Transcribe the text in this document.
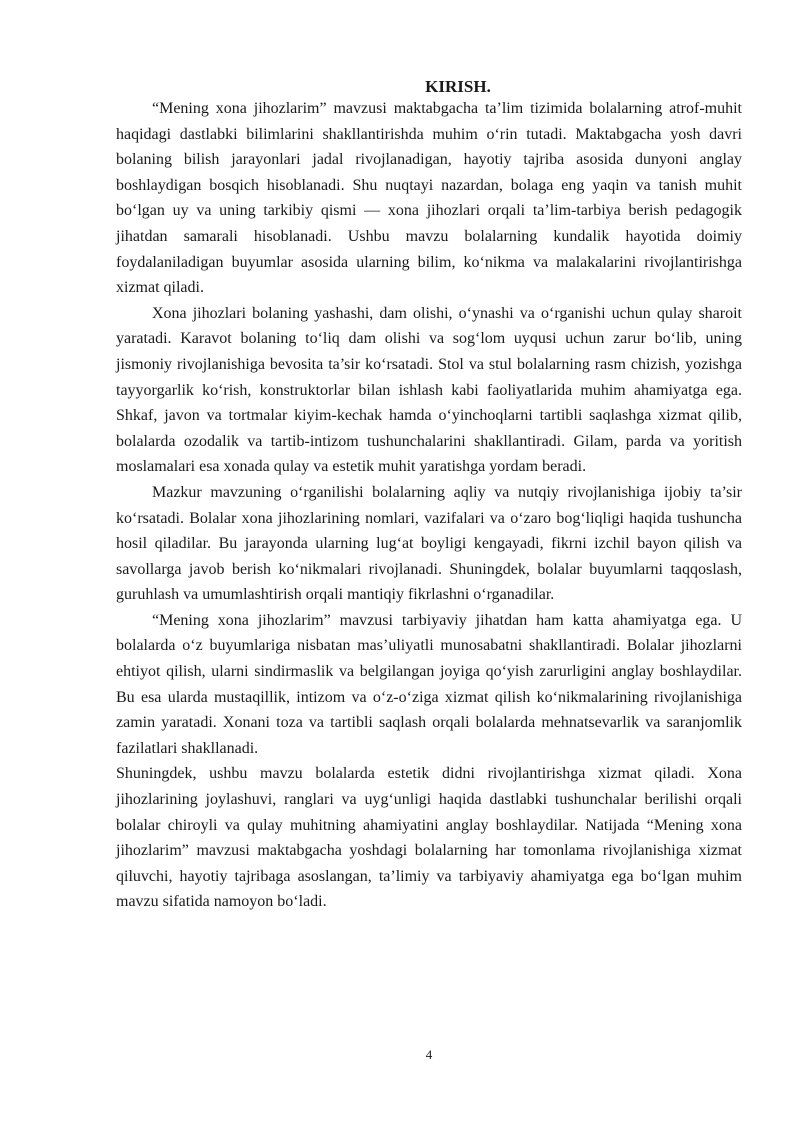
KIRISH.

“Mening xona jihozlarim” mavzusi maktabgacha ta’lim tizimida bolalarning atrof-muhit haqidagi dastlabki bilimlarini shakllantirishda muhim o‘rin tutadi. Maktabgacha yosh davri bolaning bilish jarayonlari jadal rivojlanadigan, hayotiy tajriba asosida dunyoni anglay boshlaydigan bosqich hisoblanadi. Shu nuqtayi nazardan, bolaga eng yaqin va tanish muhit bo‘lgan uy va uning tarkibiy qismi — xona jihozlari orqali ta’lim-tarbiya berish pedagogik jihatdan samarali hisoblanadi. Ushbu mavzu bolalarning kundalik hayotida doimiy foydalaniladigan buyumlar asosida ularning bilim, ko‘nikma va malakalarini rivojlantirishga xizmat qiladi.

Xona jihozlari bolaning yashashi, dam olishi, o‘ynashi va o‘rganishi uchun qulay sharoit yaratadi. Karavot bolaning to‘liq dam olishi va sog‘lom uyqusi uchun zarur bo‘lib, uning jismoniy rivojlanishiga bevosita ta’sir ko‘rsatadi. Stol va stul bolalarning rasm chizish, yozishga tayyorgarlik ko‘rish, konstruktorlar bilan ishlash kabi faoliyatlarida muhim ahamiyatga ega. Shkaf, javon va tortmalar kiyim-kechak hamda o‘yinchoqlarni tartibli saqlashga xizmat qilib, bolalarda ozodalik va tartib-intizom tushunchalarini shakllantiradi. Gilam, parda va yoritish moslamalari esa xonada qulay va estetik muhit yaratishga yordam beradi.

Mazkur mavzuning o‘rganilishi bolalarning aqliy va nutqiy rivojlanishiga ijobiy ta’sir ko‘rsatadi. Bolalar xona jihozlarining nomlari, vazifalari va o‘zaro bog‘liqligi haqida tushuncha hosil qiladilar. Bu jarayonda ularning lug‘at boyligi kengayadi, fikrni izchil bayon qilish va savollarga javob berish ko‘nikmalari rivojlanadi. Shuningdek, bolalar buyumlarni taqqoslash, guruhlash va umumlashtirish orqali mantiqiy fikrlashni o‘rganadilar.

“Mening xona jihozlarim” mavzusi tarbiyaviy jihatdan ham katta ahamiyatga ega. U bolalarda o‘z buyumlariga nisbatan mas’uliyatli munosabatni shakllantiradi. Bolalar jihozlarni ehtiyot qilish, ularni sindirmaslik va belgilangan joyiga qo‘yish zarurligini anglay boshlaydilar. Bu esa ularda mustaqillik, intizom va o‘z-o‘ziga xizmat qilish ko‘nikmalarining rivojlanishiga zamin yaratadi. Xonani toza va tartibli saqlash orqali bolalarda mehnatsevarlik va saranjomlik fazilatlari shakllanadi.

Shuningdek, ushbu mavzu bolalarda estetik didni rivojlantirishga xizmat qiladi. Xona jihozlarining joylashuvi, ranglari va uyg‘unligi haqida dastlabki tushunchalar berilishi orqali bolalar chiroyli va qulay muhitning ahamiyatini anglay boshlaydilar. Natijada “Mening xona jihozlarim” mavzusi maktabgacha yoshdagi bolalarning har tomonlama rivojlanishiga xizmat qiluvchi, hayotiy tajribaga asoslangan, ta’limiy va tarbiyaviy ahamiyatga ega bo‘lgan muhim mavzu sifatida namoyon bo‘ladi.

4
